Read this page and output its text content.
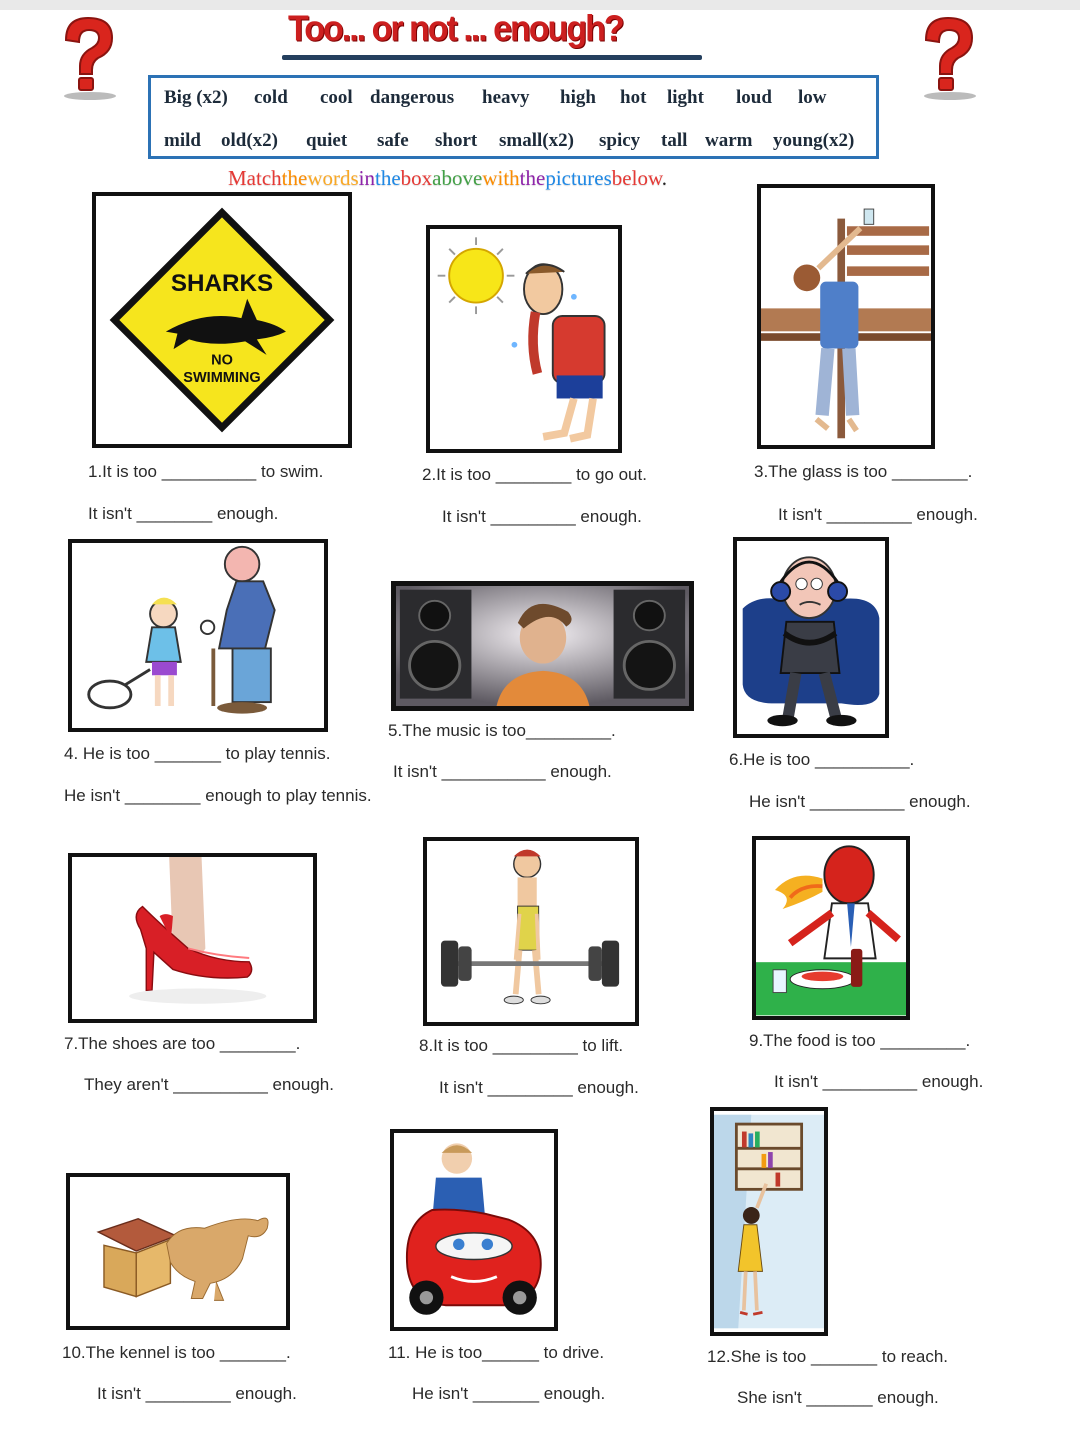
Too... or not ... enough?
Big (x2) cold cool dangerous heavy high hot light loud low
mild old(x2) quiet safe short small(x2) spicy tall warm young(x2)
Matchthewordsintheboxabovewiththepicturesbelow.
SHARKS
NO
SWIMMING
1.It is too __________ to swim.
It isn't ________ enough.
2.It is too ________ to go out.
It isn't _________ enough.
3.The glass is too ________.
It isn't _________ enough.
4. He is too _______ to play tennis.
He isn't ________ enough to play tennis.
5.The music is too_________.
It isn't ___________ enough.
6.He is too __________.
He isn't __________ enough.
7.The shoes are too ________.
They aren't __________ enough.
8.It is too _________ to lift.
It isn't _________ enough.
9.The food is too _________.
It isn't __________ enough.
10.The kennel is too _______.
It isn't _________ enough.
11. He is too______ to drive.
He isn't _______ enough.
12.She is too _______ to reach.
She isn't _______ enough.
